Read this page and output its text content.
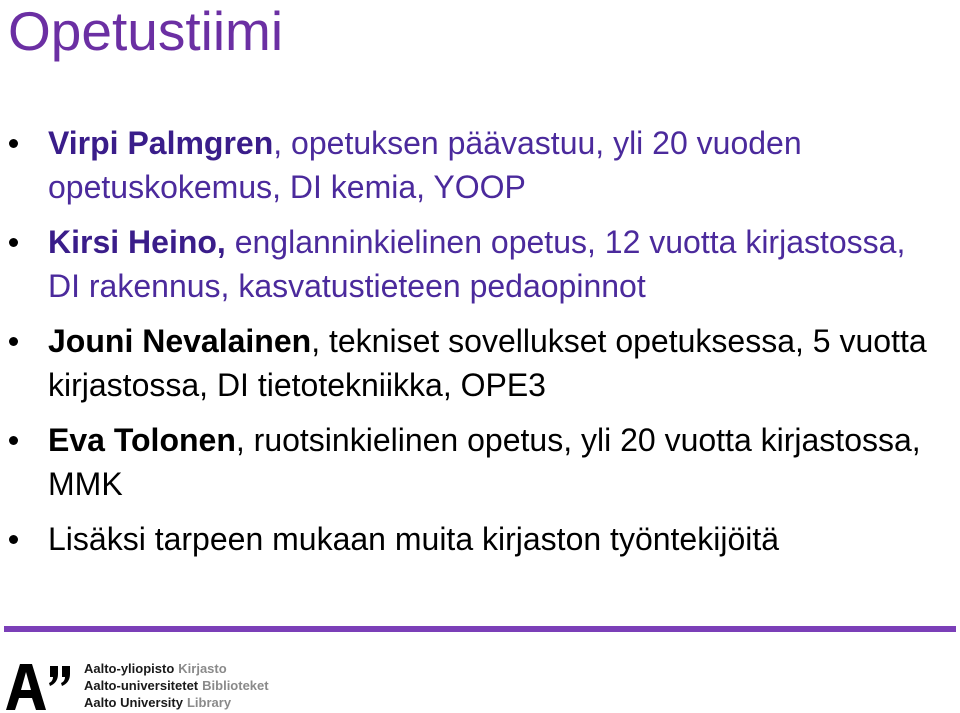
Opetustiimi
Virpi Palmgren, opetuksen päävastuu, yli 20 vuoden opetuskokemus, DI kemia, YOOP
Kirsi Heino, englanninkielinen opetus, 12 vuotta kirjastossa, DI rakennus, kasvatustieteen pedaopinnot
Jouni Nevalainen, tekniset sovellukset opetuksessa, 5 vuotta kirjastossa, DI tietotekniikka, OPE3
Eva Tolonen, ruotsinkielinen opetus, yli 20 vuotta kirjastossa, MMK
Lisäksi tarpeen mukaan muita kirjaston työntekijöitä
Aalto-yliopisto Kirjasto
Aalto-universitetet Biblioteket
Aalto University Library
